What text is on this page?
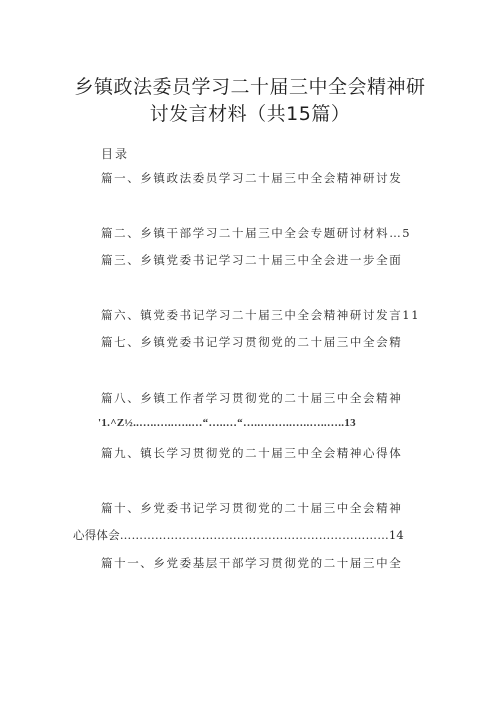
乡镇政法委员学习二十届三中全会精神研
讨发言材料（共15篇）
目录
篇一、乡镇政法委员学习二十届三中全会精神研讨发
篇二、乡镇干部学习二十届三中全会专题研讨材料…5
篇三、乡镇党委书记学习二十届三中全会进一步全面
篇六、镇党委书记学习二十届三中全会精神研讨发言11
篇七、乡镇党委书记学习贯彻党的二十届三中全会精
篇八、乡镇工作者学习贯彻党的二十届三中全会精神
'1.^Z½..…..…..…..…“…..…“…..….…..…..…..…..13
篇九、镇长学习贯彻党的二十届三中全会精神心得体
篇十、乡党委书记学习贯彻党的二十届三中全会精神
心得体会……………………………………………………………14
篇十一、乡党委基层干部学习贯彻党的二十届三中全
